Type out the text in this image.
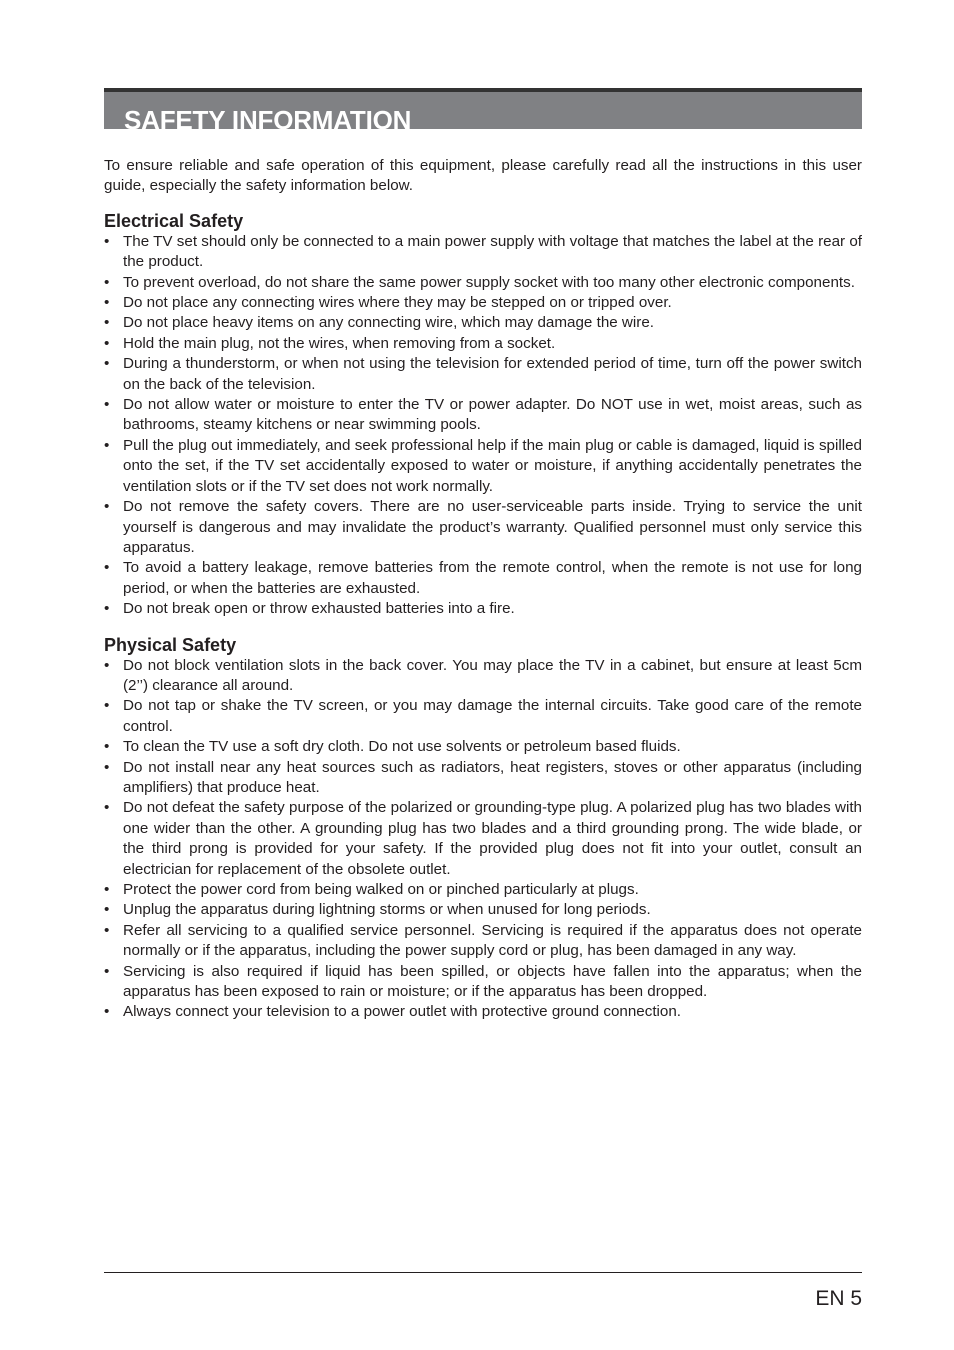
SAFETY INFORMATION

To ensure reliable and safe operation of this equipment, please carefully read all the instructions in this user guide, especially the safety information below.

Electrical Safety
• The TV set should only be connected to a main power supply with voltage that matches the label at the rear of the product.
• To prevent overload, do not share the same power supply socket with too many other electronic components.
• Do not place any connecting wires where they may be stepped on or tripped over.
• Do not place heavy items on any connecting wire, which may damage the wire.
• Hold the main plug, not the wires, when removing from a socket.
• During a thunderstorm, or when not using the television for extended period of time, turn off the power switch on the back of the television.
• Do not allow water or moisture to enter the TV or power adapter. Do NOT use in wet, moist areas, such as bathrooms, steamy kitchens or near swimming pools.
• Pull the plug out immediately, and seek professional help if the main plug or cable is damaged, liquid is spilled onto the set, if the TV set accidentally exposed to water or moisture, if anything accidentally penetrates the ventilation slots or if the TV set does not work normally.
• Do not remove the safety covers. There are no user-serviceable parts inside. Trying to service the unit yourself is dangerous and may invalidate the product’s warranty. Qualified personnel must only service this apparatus.
• To avoid a battery leakage, remove batteries from the remote control, when the remote is not use for long period, or when the batteries are exhausted.
• Do not break open or throw exhausted batteries into a fire.
Physical Safety
• Do not block ventilation slots in the back cover. You may place the TV in a cabinet, but ensure at least 5cm (2’’) clearance all around.
• Do not tap or shake the TV screen, or you may damage the internal circuits. Take good care of the remote control.
• To clean the TV use a soft dry cloth. Do not use solvents or petroleum based fluids.
• Do not install near any heat sources such as radiators, heat registers, stoves or other apparatus (including amplifiers) that produce heat.
• Do not defeat the safety purpose of the polarized or grounding-type plug. A polarized plug has two blades with one wider than the other. A grounding plug has two blades and a third grounding prong. The wide blade, or the third prong is provided for your safety. If the provided plug does not fit into your outlet, consult an electrician for replacement of the obsolete outlet.
• Protect the power cord from being walked on or pinched particularly at plugs.
• Unplug the apparatus during lightning storms or when unused for long periods.
• Refer all servicing to a qualified service personnel. Servicing is required if the apparatus does not operate normally or if the apparatus, including the power supply cord or plug, has been damaged in any way.
• Servicing is also required if liquid has been spilled, or objects have fallen into the apparatus; when the apparatus has been exposed to rain or moisture; or if the apparatus has been dropped.
• Always connect your television to a power outlet with protective ground connection.
EN 5
